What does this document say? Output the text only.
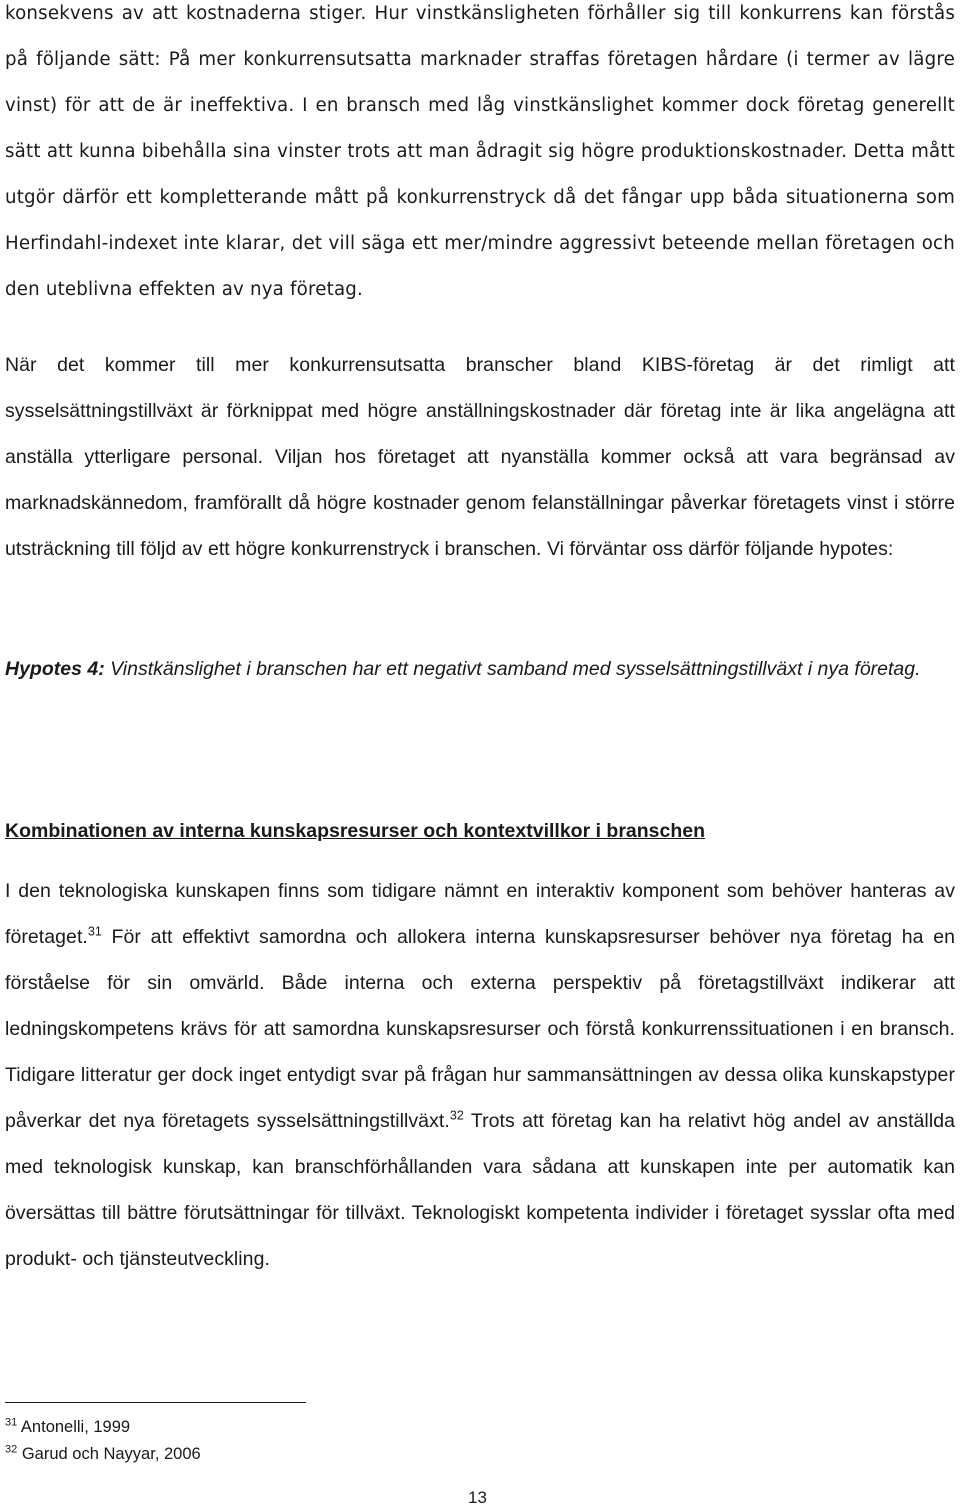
konsekvens av att kostnaderna stiger. Hur vinstkänsligheten förhåller sig till konkurrens kan förstås på följande sätt: På mer konkurrensutsatta marknader straffas företagen hårdare (i termer av lägre vinst) för att de är ineffektiva. I en bransch med låg vinstkänslighet kommer dock företag generellt sätt att kunna bibehålla sina vinster trots att man ådragit sig högre produktionskostnader. Detta mått utgör därför ett kompletterande mått på konkurrenstryck då det fångar upp båda situationerna som Herfindahl-indexet inte klarar, det vill säga ett mer/mindre aggressivt beteende mellan företagen och den uteblivna effekten av nya företag.

När det kommer till mer konkurrensutsatta branscher bland KIBS-företag är det rimligt att sysselsättningstillväxt är förknippat med högre anställningskostnader där företag inte är lika angelägna att anställa ytterligare personal. Viljan hos företaget att nyanställa kommer också att vara begränsad av marknadskännedom, framförallt då högre kostnader genom felanställningar påverkar företagets vinst i större utsträckning till följd av ett högre konkurrenstryck i branschen. Vi förväntar oss därför följande hypotes:

Hypotes 4: Vinstkänslighet i branschen har ett negativt samband med sysselsättningstillväxt i nya företag.

Kombinationen av interna kunskapsresurser och kontextvillkor i branschen

I den teknologiska kunskapen finns som tidigare nämnt en interaktiv komponent som behöver hanteras av företaget.$^{31}$ För att effektivt samordna och allokera interna kunskapsresurser behöver nya företag ha en förståelse för sin omvärld. Både interna och externa perspektiv på företagstillväxt indikerar att ledningskompetens krävs för att samordna kunskapsresurser och förstå konkurrenssituationen i en bransch. Tidigare litteratur ger dock inget entydigt svar på frågan hur sammansättningen av dessa olika kunskapstyper påverkar det nya företagets sysselsättningstillväxt.$^{32}$ Trots att företag kan ha relativt hög andel av anställda med teknologisk kunskap, kan branschförhållanden vara sådana att kunskapen inte per automatik kan översättas till bättre förutsättningar för tillväxt. Teknologiskt kompetenta individer i företaget sysslar ofta med produkt- och tjänsteutveckling.

$^{31}$ Antonelli, 1999
$^{32}$ Garud och Nayyar, 2006
13
